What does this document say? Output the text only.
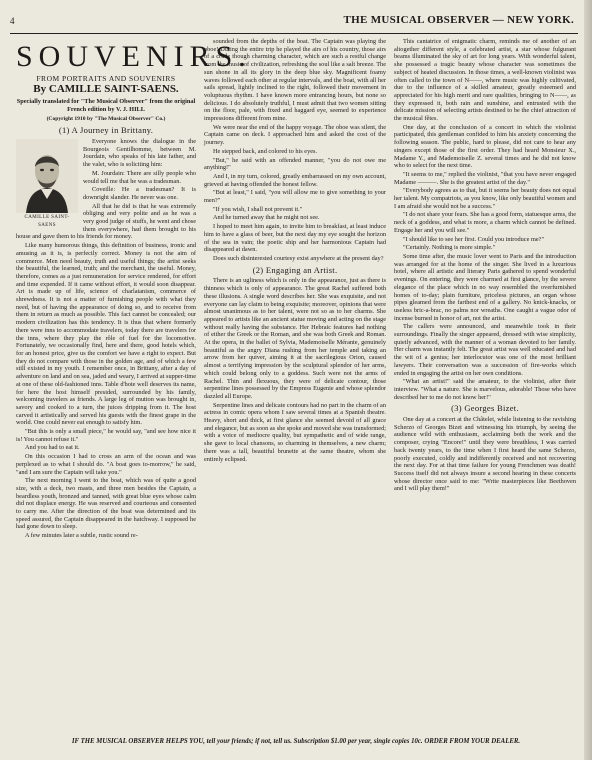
4	THE MUSICAL OBSERVER — NEW YORK.
SOUVENIRS.
FROM PORTRAITS AND SOUVENIRS
By CAMILLE SAINT-SAENS.
Specially translated for "The Musical Observer" from the original French edition by V. J. HILL
(Copyright 1910 by "The Musical Observer" Co.)
(1) A Journey in Brittany.
CAMILLE SAINT-SAENS

Everyone knows the dialogue in the Bourgeois Gentilhomme, between M. Jourdain, who speaks of his late father, and the valet, who is soliciting him:

M. Jourdain: There are silly people who would tell me that he was a tradesman.

Coveille: He a tradesman? It is downright slander. He never was one.

All that he did is that he was extremely obliging and very polite and as he was a very good judge of stuffs, he went and chose them everywhere, had them brought to his house and gave them to his friends for money.

Like many humorous things, this definition of business, ironic and amusing as it is, is perfectly correct. Money is not the aim of commerce. Men need beauty, truth and useful things; the artist seeks the beautiful, the learned, truth; and the merchant, the useful. Money, therefore, comes as a just remuneration for service rendered, for effort and time expended. If it came without effort, it would soon disappear. Art is made up of life, science of charlatanism, commerce of shrewdness. It is not a matter of furnishing people with what they need, but of having the appearance of doing so, and to receive from them in return as much as possible. This fact cannot be concealed; our modern civilization has this tendency. It is thus that where formerly there were inns to accommodate travelers, today there are travelers for the inns, where they play the rôle of fuel for the locomotive. Fortunately, we occasionally find, here and there, good hotels which, for an honest price, give us the comfort we have a right to expect. But they do not compare with those in the golden age, and of which a few still existed in my youth. I remember once, in Brittany, after a day of adventure on land and on sea, jaded and weary, I arrived at supper-time at one of these old-fashioned inns. Table d'hote well deserves its name, for here the host himself presided, surrounded by his family, welcoming travelers as friends. A large leg of mutton was brought in, savory and cooked to a turn, the juices dripping from it. The host carved it artistically and served his guests with the finest grape in the world. One could never eat enough to satisfy him.

"But this is only a small piece," he would say, "and see how nice it is! You cannot refuse it."

And you had to eat it.

On this occasion I had to cross an arm of the ocean and was perplexed as to what I should do. "A boat goes to-morrow," he said, "and I am sure the Captain will take you."

The next morning I went to the boat, which was of quite a good size, with a deck, two masts, and three men besides the Captain, a beardless youth, bronzed and tanned, with great blue eyes whose calm did not displace energy. He was reserved and courteous and consented to carry me. After the direction of the boat was determined and its speed assured, the Captain disappeared in the hatchway. I supposed he had gone down to sleep.

A few minutes later a subtle, rustic sound re-

sounded from the depths of the boat. The Captain was playing the oboe! During the entire trip he played the airs of his country, those airs of a crude though charming character, which are such a restful change from the music of civilization, refreshing the soul like a salt breeze. The sun shone in all its glory in the deep blue sky. Magnificent foamy waves followed each other at regular intervals, and the boat, with all her sails spread, lightly inclined to the right, followed their movement in voluptuous rhythm. I have known more entrancing hours, but none so delicious. I do absolutely truthful, I must admit that two women sitting on the floor, pale, with fixed and haggard eye, seemed to experience impressions different from mine.

We were near the end of the happy voyage. The oboe was silent, the Captain came on deck. I approached him and asked the cost of the journey.

He stepped back, and colored to his eyes.

"But," he said with an offended manner, "you do not owe me anything!"

And I, in my turn, colored, greatly embarrassed on my own account, grieved at having offended the honest fellow.

"But at least," I said, "you will allow me to give something to your men?"

"If you wish, I shall not prevent it."

And he turned away that he might not see.

I hoped to meet him again, to invite him to breakfast, at least induce him to have a glass of beer, but the next day my eye sought the horizon of the sea in vain; the poetic ship and her harmonious Captain had disappeared at dawn.

Does such disinterested courtesy exist anywhere at the present day?

(2) Engaging an Artist.

There is an ugliness which is only in the appearance, just as there is thinness which is only of appearance. The great Rachel suffered both these illusions. A single word describes her. She was exquisite, and not everyone can lay claim to being exquisite; moreover, opinions that were almost unanimous as to her talent, were not so as to her charms. She appeared to artists like an ancient statue moving and acting on the stage without really having the substance. Her Hebraic features had nothing of either the Greek or the Roman, and she was both Greek and Roman. At the opera, in the ballet of Sylvia, Mademoiselle Mérante, genuinely beautiful as the angry Diana rushing from her temple and taking an arrow from her quiver, aiming it at the sacrilegious Orion, caused almost a terrifying impression by the sculptural splendor of her arms, which could belong only to a goddess. Such were not the arms of Rachel. Thin and flexuous, they were of delicate contour, those serpentine lines possessed by the Empress Eugenie and whose splendor dazzled all Europe.

Serpentine lines and delicate contours had no part in the charm of an actress in comic opera whom I saw several times at a Spanish theatre. Heavy, short and thick, at first glance she seemed devoid of all grace and elegance, but as soon as she spoke and moved she was transformed; with a voice of mediocre quality, but sympathetic and of wide range, she gave to local chansons, so charming in themselves, a new charm; there was a tall, beautiful brunette at the same theatre, whom she entirely eclipsed.

This cantatrice of enigmatic charm, reminds me of another of an altogether different style, a celebrated artist, a star whose fulgurant beams illuminated the sky of art for long years. With wonderful talent, she possessed a tragic beauty whose character was sometimes the subject of heated discussion. In those times, a well-known violinist was often called to the town of N——, where music was highly cultivated, due to the influence of a skilled amateur, greatly esteemed and appreciated for his high merit and rare qualities, bringing to N——, as they expressed it, both rain and sunshine, and entrusted with the delicate mission of selecting artists destined to be the chief attraction of the musical fêtes.

One day, at the conclusion of a concert in which the violinist participated, this gentleman confided to him his anxiety concerning the following season. The public, hard to please, did not care to hear any singers except those of the first order. They had heard Monsieur X., Madame Y., and Mademoiselle Z. several times and he did not know who to select for the next time.

"It seems to me," replied the violinist, "that you have never engaged Madame ———. She is the greatest artist of the day."

"Everybody agrees as to that, but it seems her beauty does not equal her talent. My compatriots, as you know, like only beautiful women and I am afraid she would not be a success."

"I do not share your fears. She has a good form, statuesque arms, the neck of a goddess, and what is more, a charm which cannot be defined. Engage her and you will see."

"I should like to see her first. Could you introduce me?"

"Certainly. Nothing is more simple."

Some time after, the music lover went to Paris and the introduction was arranged for at the home of the singer. She lived in a luxurious hotel, where all artistic and literary Paris gathered to spend wonderful evenings. On entering, they were charmed at first glance, by the severe elegance of the place which in no way resembled the overfurnished homes of to-day; plain furniture, priceless pictures, an organ whose pipes gleamed from the farthest end of a gallery. No knick-knacks, or useless bric-a-brac, no palms nor wreaths. One caught a vague odor of incense burned in honor of art, not the artist.

The callers were announced, and meanwhile took in their surroundings. Finally the singer appeared, dressed with wise simplicity, quietly advanced, with the manner of a woman devoted to her family. Her charm was instantly felt. The great artist was well educated and had the wit of a genius; her interlocutor was one of the most brilliant lawyers. Their conversation was a succession of fire-works which ended in engaging the artist on her own conditions.

"What an artist!" said the amateur, to the violinist, after their interview. "What a nature. She is marvelous, adorable! Those who have described her to me do not know her!"

(3) Georges Bizet.

One day at a concert at the Châtelet, while listening to the ravishing Scherzo of Georges Bizet and witnessing his triumph, by seeing the audience wild with enthusiasm, acclaiming both the work and the composer, crying "Encore!" until they were breathless, I was carried back twenty years, to the time when I first heard the same Scherzo, poorly executed, coldly and indifferently received and not recovering the next day. For at that time failure for young Frenchmen was death! Success itself did not always insure a second hearing in these concerts whose director once said to me: "Write masterpieces like Beethoven and I will play them!"

IF THE MUSICAL OBSERVER HELPS YOU, tell your friends; if not, tell us. Subscription $1.00 per year, single copies 10c. ORDER FROM YOUR DEALER.
